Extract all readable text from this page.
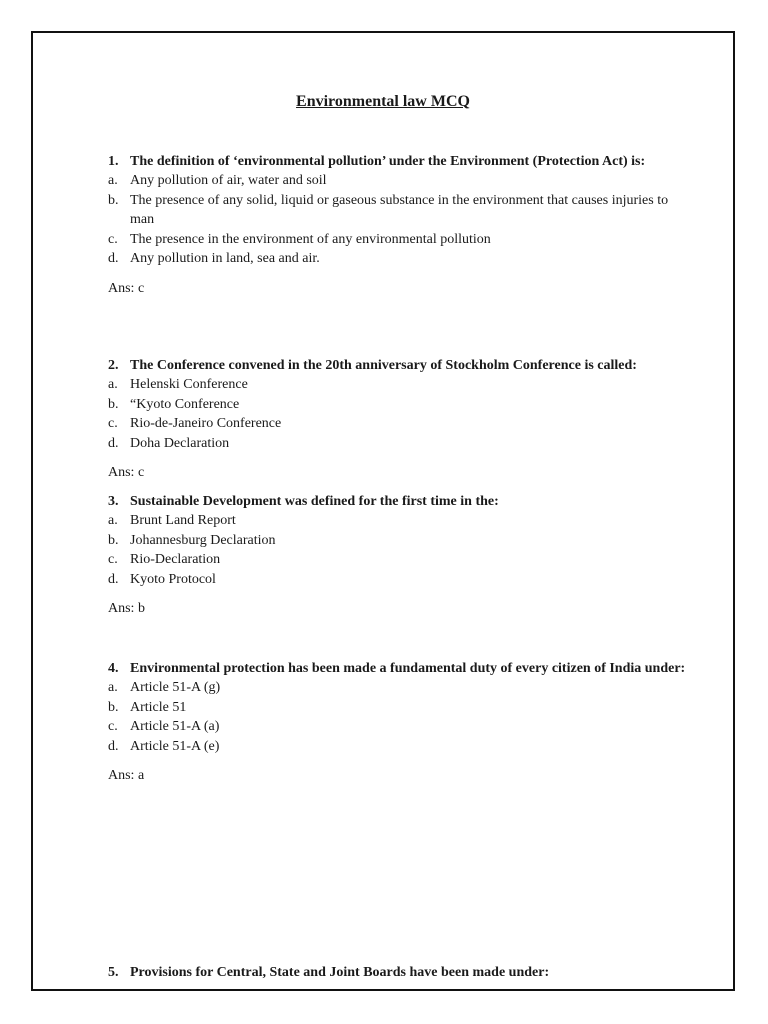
Environmental law MCQ
1. The definition of ‘environmental pollution’ under the Environment (Protection Act) is:
a. Any pollution of air, water and soil
b. The presence of any solid, liquid or gaseous substance in the environment that causes injuries to man
c. The presence in the environment of any environmental pollution
d. Any pollution in land, sea and air.
Ans: c
2. The Conference convened in the 20th anniversary of Stockholm Conference is called:
a. Helenski Conference
b. “Kyoto Conference
c. Rio-de-Janeiro Conference
d. Doha Declaration
Ans: c
3. Sustainable Development was defined for the first time in the:
a. Brunt Land Report
b. Johannesburg Declaration
c. Rio-Declaration
d. Kyoto Protocol
Ans: b
4. Environmental protection has been made a fundamental duty of every citizen of India under:
a. Article 51-A (g)
b. Article 51
c. Article 51-A (a)
d. Article 51-A (e)
Ans: a
5. Provisions for Central, State and Joint Boards have been made under:
